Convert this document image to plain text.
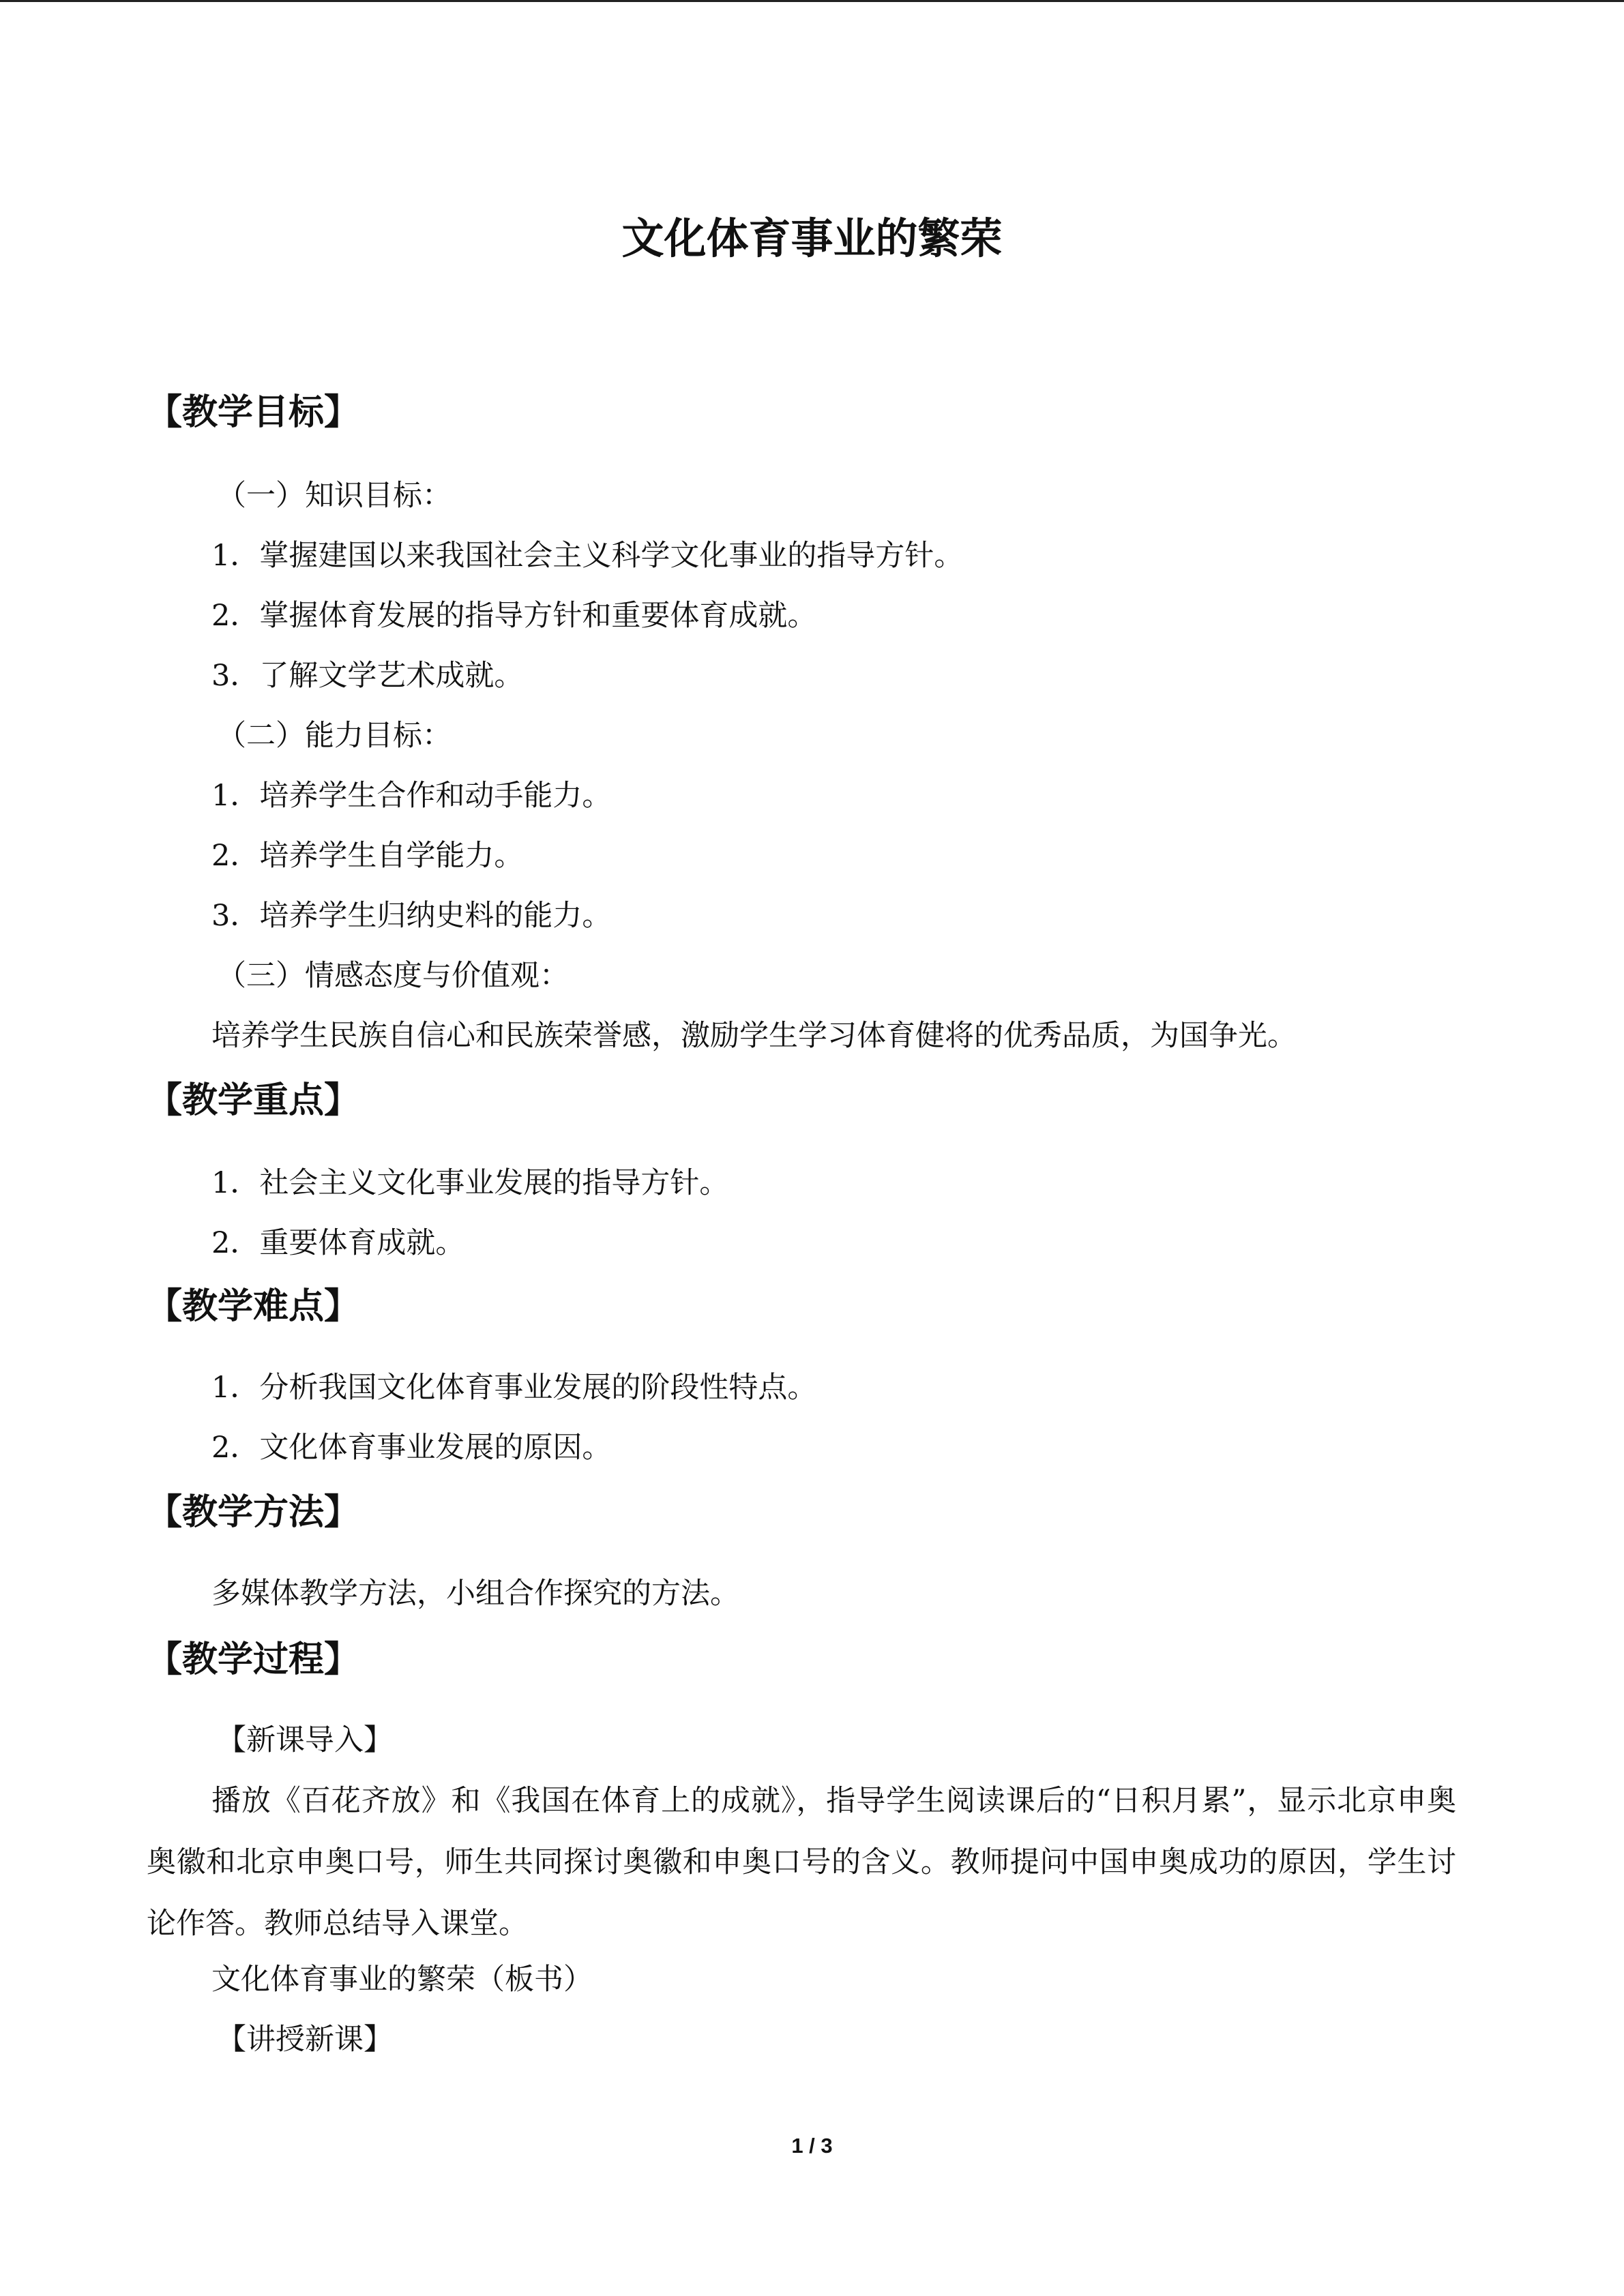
文化体育事业的繁荣
【教学目标】

（一）知识目标：

1．掌握建国以来我国社会主义科学文化事业的指导方针。

2．掌握体育发展的指导方针和重要体育成就。

3．了解文学艺术成就。

（二）能力目标：

1．培养学生合作和动手能力。

2．培养学生自学能力。

3．培养学生归纳史料的能力。

（三）情感态度与价值观：

培养学生民族自信心和民族荣誉感，激励学生学习体育健将的优秀品质，为国争光。

【教学重点】

1．社会主义文化事业发展的指导方针。

2．重要体育成就。

【教学难点】

1．分析我国文化体育事业发展的阶段性特点。

2．文化体育事业发展的原因。

【教学方法】

多媒体教学方法，小组合作探究的方法。

【教学过程】

【新课导入】

播放《百花齐放》和《我国在体育上的成就》，指导学生阅读课后的“日积月累”，显示北京申奥奥徽和北京申奥口号，师生共同探讨奥徽和申奥口号的含义。教师提问中国申奥成功的原因，学生讨论作答。教师总结导入课堂。

文化体育事业的繁荣（板书）

【讲授新课】

1 / 3
